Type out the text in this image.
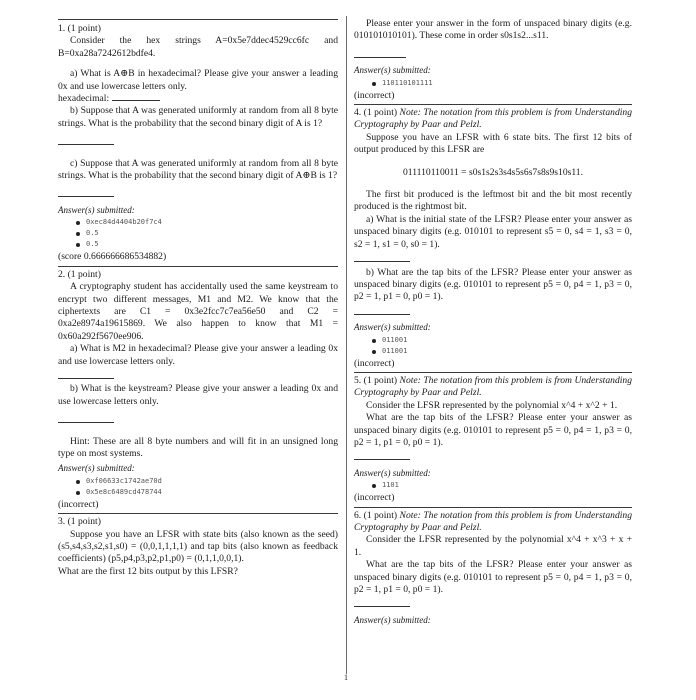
1. (1 point)

Consider the hex strings A=0x5e7ddec4529cc6fc and B=0xa28a7242612bdfe4.

a) What is A⊕B in hexadecimal? Please give your answer a leading 0x and use lowercase letters only.

hexadecimal:

b) Suppose that A was generated uniformly at random from all 8 byte strings. What is the probability that the second binary digit of A is 1?

c) Suppose that A was generated uniformly at random from all 8 byte strings. What is the probability that the second binary digit of A⊕B is 1?

Answer(s) submitted:
0xec84d4404b20f7c4
0.5
0.5

(score 0.666666686534882)

2. (1 point)

A cryptography student has accidentally used the same keystream to encrypt two different messages, M1 and M2. We know that the ciphertexts are C1 = 0x3e2fcc7c7ea56e50 and C2 = 0xa2e8974a19615869. We also happen to know that M1 = 0x60a292f5670ee906.

a) What is M2 in hexadecimal? Please give your answer a leading 0x and use lowercase letters only.

b) What is the keystream? Please give your answer a leading 0x and use lowercase letters only.

Hint: These are all 8 byte numbers and will fit in an unsigned long type on most systems.

Answer(s) submitted:
0xf06633c1742ae70d
0x5e8c6489cd478744

(incorrect)

3. (1 point)

Suppose you have an LFSR with state bits (also known as the seed) (s5,s4,s3,s2,s1,s0) = (0,0,1,1,1,1) and tap bits (also known as feedback coefficients) (p5,p4,p3,p2,p1,p0) = (0,1,1,0,0,1).

What are the first 12 bits output by this LFSR?

Please enter your answer in the form of unspaced binary digits (e.g. 010101010101). These come in order s0s1s2...s11.

Answer(s) submitted:
110110101111

(incorrect)

4. (1 point) Note: The notation from this problem is from Understanding Cryptography by Paar and Pelzl.

Suppose you have an LFSR with 6 state bits. The first 12 bits of output produced by this LFSR are

011110110011 = s0s1s2s3s4s5s6s7s8s9s10s11.

The first bit produced is the leftmost bit and the bit most recently produced is the rightmost bit.

a) What is the initial state of the LFSR? Please enter your answer as unspaced binary digits (e.g. 010101 to represent s5 = 0, s4 = 1, s3 = 0, s2 = 1, s1 = 0, s0 = 1).

b) What are the tap bits of the LFSR? Please enter your answer as unspaced binary digits (e.g. 010101 to represent p5 = 0, p4 = 1, p3 = 0, p2 = 1, p1 = 0, p0 = 1).

Answer(s) submitted:
011001
011001

(incorrect)

5. (1 point) Note: The notation from this problem is from Understanding Cryptography by Paar and Pelzl.

Consider the LFSR represented by the polynomial x^4 + x^2 + 1.

What are the tap bits of the LFSR? Please enter your answer as unspaced binary digits (e.g. 010101 to represent p5 = 0, p4 = 1, p3 = 0, p2 = 1, p1 = 0, p0 = 1).

Answer(s) submitted:
1101

(incorrect)

6. (1 point) Note: The notation from this problem is from Understanding Cryptography by Paar and Pelzl.

Consider the LFSR represented by the polynomial x^4 + x^3 + x + 1.

What are the tap bits of the LFSR? Please enter your answer as unspaced binary digits (e.g. 010101 to represent p5 = 0, p4 = 1, p3 = 0, p2 = 1, p1 = 0, p0 = 1).

Answer(s) submitted:
1
